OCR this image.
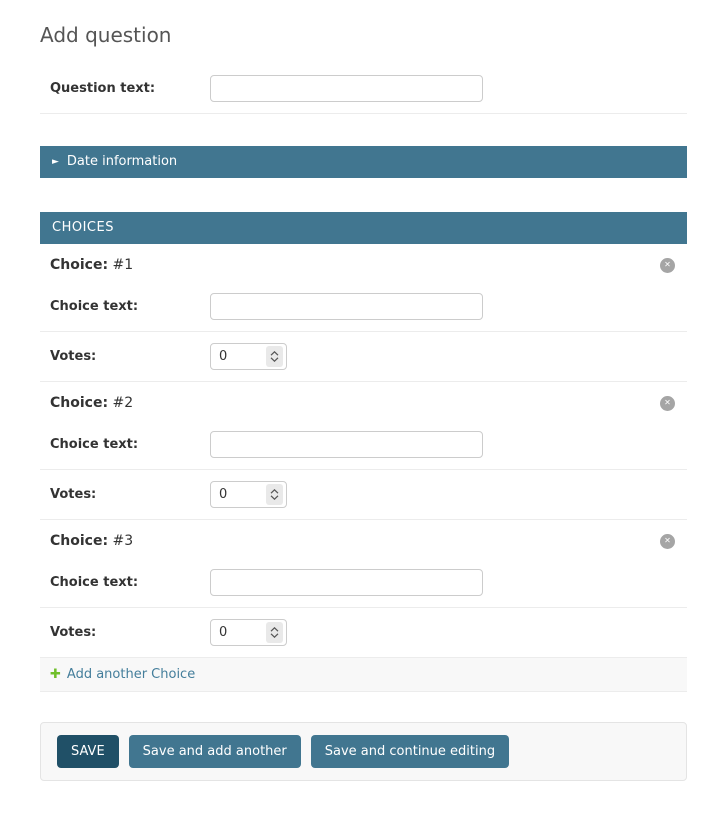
Add question
Question text:
► Date information
CHOICES
Choice: #1	✕
Choice text:
Votes:
0
Choice: #2	✕
Choice text:
Votes:
0
Choice: #3	✕
Choice text:
Votes:
0
✚ Add another Choice
SAVE	Save and add another	Save and continue editing
